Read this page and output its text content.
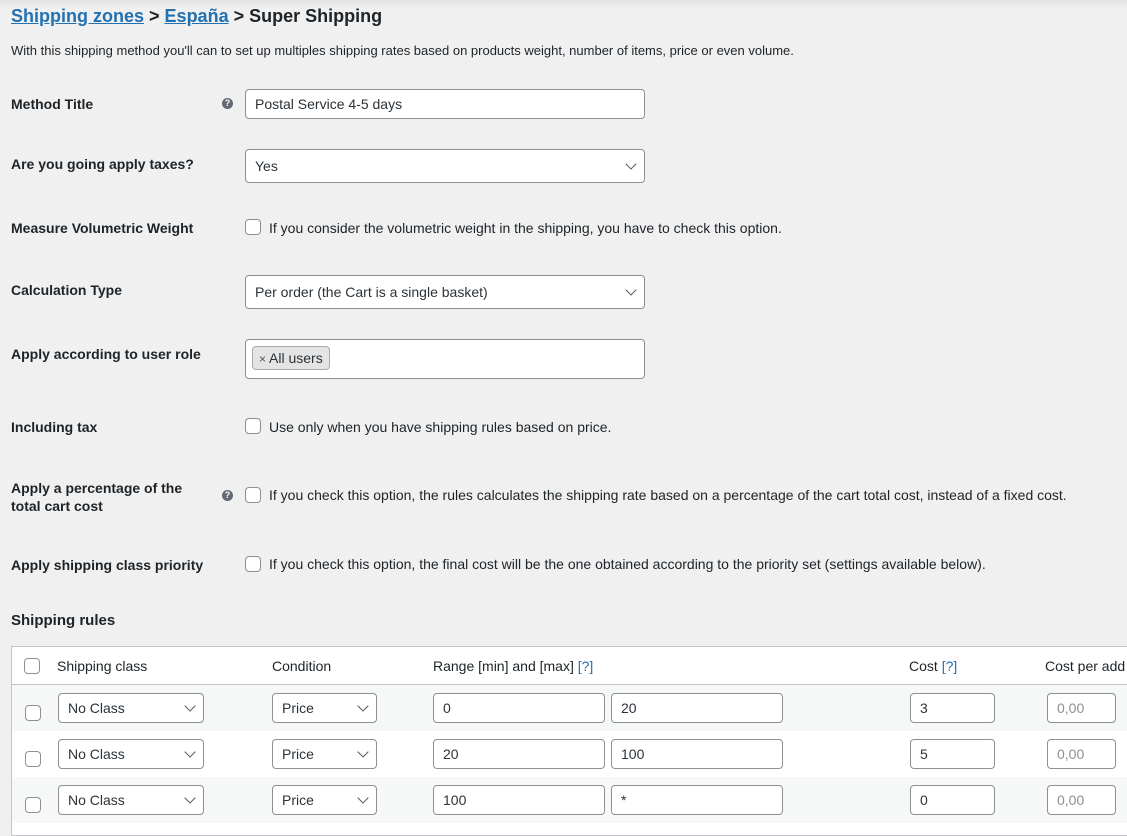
Shipping zones > España > Super Shipping
With this shipping method you'll can to set up multiples shipping rates based on products weight, number of items, price or even volume.
Method Title	?	Postal Service 4-5 days
Are you going apply taxes?	Yes
Measure Volumetric Weight	If you consider the volumetric weight in the shipping, you have to check this option.
Calculation Type	Per order (the Cart is a single basket)
Apply according to user role	× All users
Including tax	Use only when you have shipping rules based on price.
Apply a percentage of the
total cart cost
?	If you check this option, the rules calculates the shipping rate based on a percentage of the cart total cost, instead of a fixed cost.
Apply shipping class priority	If you check this option, the final cost will be the one obtained according to the priority set (settings available below).
Shipping rules
Shipping class	Condition	Range [min] and [max] [?]	Cost [?]	Cost per add
No Class	Price	0	20	3	0,00
No Class	Price	20	100	5	0,00
No Class	Price	100	*	0	0,00
